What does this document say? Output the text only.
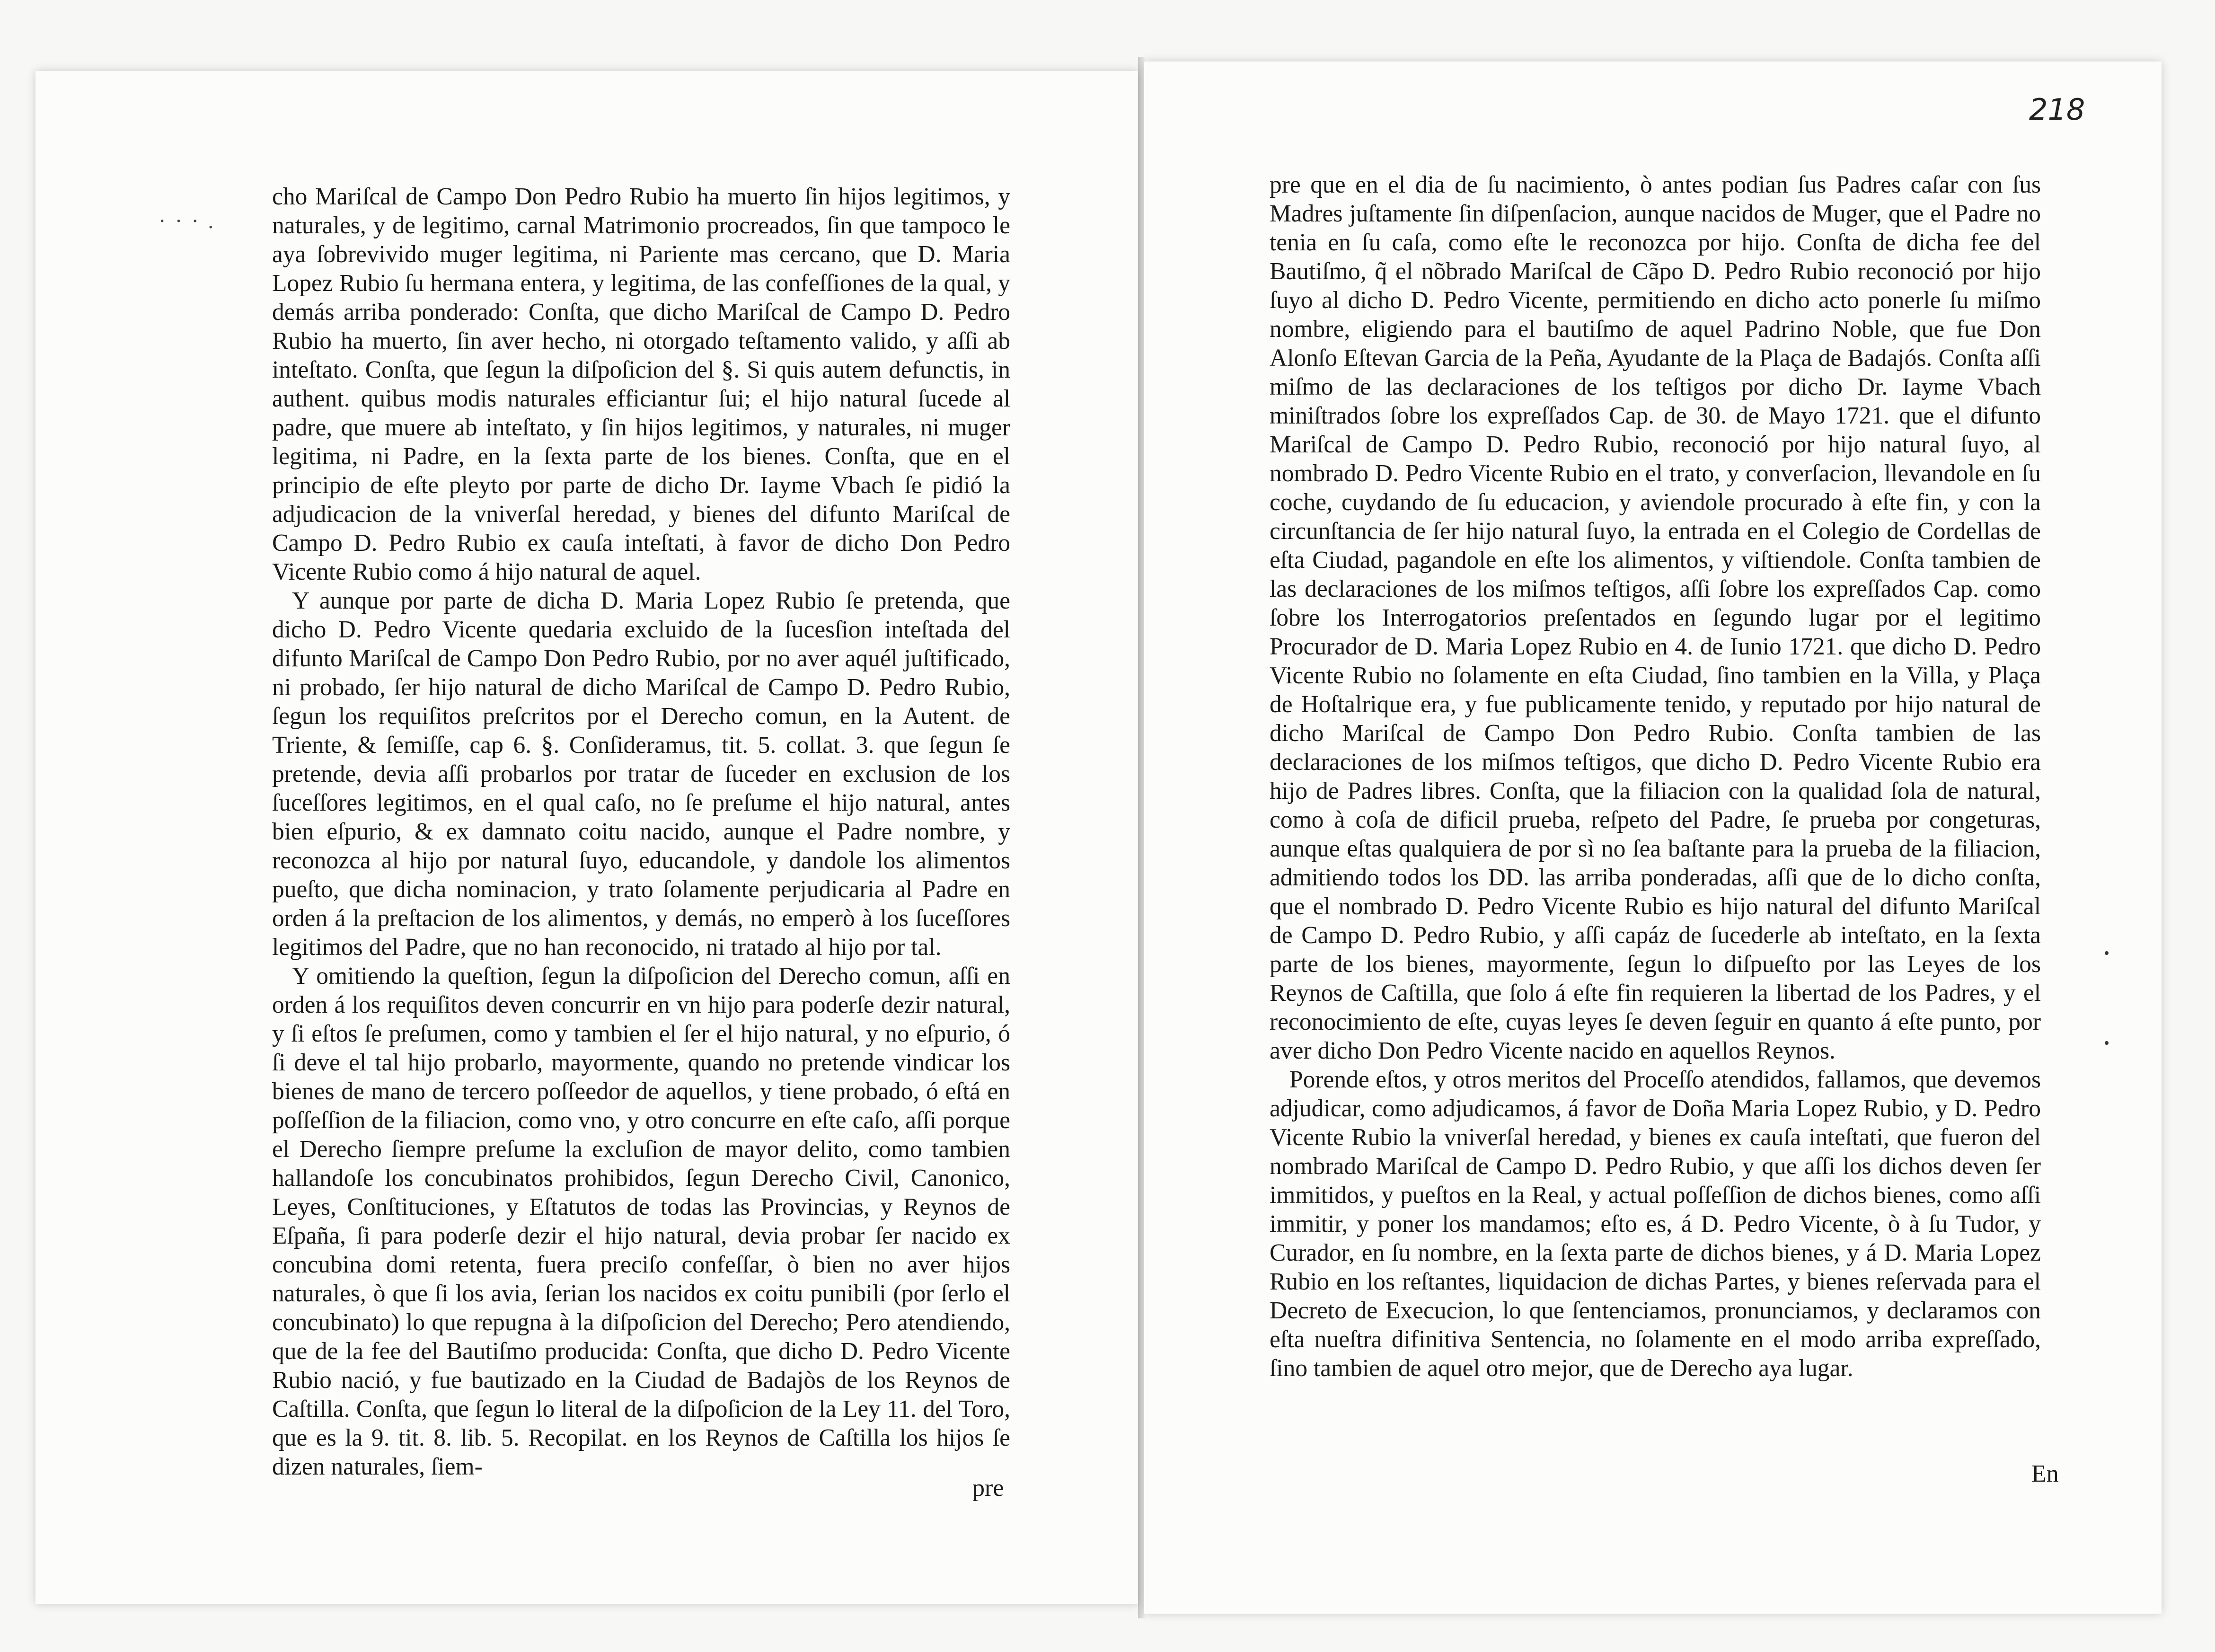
· · · .

cho Mariſcal de Campo Don Pedro Rubio ha muerto ſin hijos legitimos, y naturales, y de legitimo, carnal Matrimonio procreados, ſin que tampoco le aya ſobrevivido muger legitima, ni Pariente mas cercano, que D. Maria Lopez Rubio ſu hermana entera, y legitima, de las confeſſiones de la qual, y demás arriba ponderado: Conſta, que dicho Mariſcal de Campo D. Pedro Rubio ha muerto, ſin aver hecho, ni otorgado teſtamento valido, y aſſi ab inteſtato. Conſta, que ſegun la diſpoſicion del §. Si quis autem defunctis, in authent. quibus modis naturales efficiantur ſui; el hijo natural ſucede al padre, que muere ab inteſtato, y ſin hijos legitimos, y naturales, ni muger legitima, ni Padre, en la ſexta parte de los bienes. Conſta, que en el principio de eſte pleyto por parte de dicho Dr. Iayme Vbach ſe pidió la adjudicacion de la vniverſal heredad, y bienes del difunto Mariſcal de Campo D. Pedro Rubio ex cauſa inteſtati, à favor de dicho Don Pedro Vicente Rubio como á hijo natural de aquel.

Y aunque por parte de dicha D. Maria Lopez Rubio ſe pretenda, que dicho D. Pedro Vicente quedaria excluido de la ſucesſion inteſtada del difunto Mariſcal de Campo Don Pedro Rubio, por no aver aquél juſtificado, ni probado, ſer hijo natural de dicho Mariſcal de Campo D. Pedro Rubio, ſegun los requiſitos preſcritos por el Derecho comun, en la Autent. de Triente, & ſemiſſe, cap 6. §. Conſideramus, tit. 5. collat. 3. que ſegun ſe pretende, devia aſſi probarlos por tratar de ſuceder en exclusion de los ſuceſſores legitimos, en el qual caſo, no ſe preſume el hijo natural, antes bien eſpurio, & ex damnato coitu nacido, aunque el Padre nombre, y reconozca al hijo por natural ſuyo, educandole, y dandole los alimentos pueſto, que dicha nominacion, y trato ſolamente perjudicaria al Padre en orden á la preſtacion de los alimentos, y demás, no emperò à los ſuceſſores legitimos del Padre, que no han reconocido, ni tratado al hijo por tal.

Y omitiendo la queſtion, ſegun la diſpoſicion del Derecho comun, aſſi en orden á los requiſitos deven concurrir en vn hijo para poderſe dezir natural, y ſi eſtos ſe preſumen, como y tambien el ſer el hijo natural, y no eſpurio, ó ſi deve el tal hijo probarlo, mayormente, quando no pretende vindicar los bienes de mano de tercero poſſeedor de aquellos, y tiene probado, ó eſtá en poſſeſſion de la filiacion, como vno, y otro concurre en eſte caſo, aſſi porque el Derecho ſiempre preſume la excluſion de mayor delito, como tambien hallandoſe los concubinatos prohibidos, ſegun Derecho Civil, Canonico, Leyes, Conſtituciones, y Eſtatutos de todas las Provincias, y Reynos de Eſpaña, ſi para poderſe dezir el hijo natural, devia probar ſer nacido ex concubina domi retenta, fuera preciſo confeſſar, ò bien no aver hijos naturales, ò que ſi los avia, ſerian los nacidos ex coitu punibili (por ſerlo el concubinato) lo que repugna à la diſpoſicion del Derecho; Pero atendiendo, que de la fee del Bautiſmo producida: Conſta, que dicho D. Pedro Vicente Rubio nació, y fue bautizado en la Ciudad de Badajòs de los Reynos de Caſtilla. Conſta, que ſegun lo literal de la diſpoſicion de la Ley 11. del Toro, que es la 9. tit. 8. lib. 5. Recopilat. en los Reynos de Caſtilla los hijos ſe dizen naturales, ſiem-

pre
218

pre que en el dia de ſu nacimiento, ò antes podian ſus Padres caſar con ſus Madres juſtamente ſin diſpenſacion, aunque nacidos de Muger, que el Padre no tenia en ſu caſa, como eſte le reconozca por hijo. Conſta de dicha fee del Bautiſmo, q̃ el nõbrado Mariſcal de Cãpo D. Pedro Rubio reconoció por hijo ſuyo al dicho D. Pedro Vicente, permitiendo en dicho acto ponerle ſu miſmo nombre, eligiendo para el bautiſmo de aquel Padrino Noble, que fue Don Alonſo Eſtevan Garcia de la Peña, Ayudante de la Plaça de Badajós. Conſta aſſi miſmo de las declaraciones de los teſtigos por dicho Dr. Iayme Vbach miniſtrados ſobre los expreſſados Cap. de 30. de Mayo 1721. que el difunto Mariſcal de Campo D. Pedro Rubio, reconoció por hijo natural ſuyo, al nombrado D. Pedro Vicente Rubio en el trato, y converſacion, llevandole en ſu coche, cuydando de ſu educacion, y aviendole procurado à eſte fin, y con la circunſtancia de ſer hijo natural ſuyo, la entrada en el Colegio de Cordellas de eſta Ciudad, pagandole en eſte los alimentos, y viſtiendole. Conſta tambien de las declaraciones de los miſmos teſtigos, aſſi ſobre los expreſſados Cap. como ſobre los Interrogatorios preſentados en ſegundo lugar por el legitimo Procurador de D. Maria Lopez Rubio en 4. de Iunio 1721. que dicho D. Pedro Vicente Rubio no ſolamente en eſta Ciudad, ſino tambien en la Villa, y Plaça de Hoſtalrique era, y fue publicamente tenido, y reputado por hijo natural de dicho Mariſcal de Campo Don Pedro Rubio. Conſta tambien de las declaraciones de los miſmos teſtigos, que dicho D. Pedro Vicente Rubio era hijo de Padres libres. Conſta, que la filiacion con la qualidad ſola de natural, como à coſa de dificil prueba, reſpeto del Padre, ſe prueba por congeturas, aunque eſtas qualquiera de por sì no ſea baſtante para la prueba de la filiacion, admitiendo todos los DD. las arriba ponderadas, aſſi que de lo dicho conſta, que el nombrado D. Pedro Vicente Rubio es hijo natural del difunto Mariſcal de Campo D. Pedro Rubio, y aſſi capáz de ſucederle ab inteſtato, en la ſexta parte de los bienes, mayormente, ſegun lo diſpueſto por las Leyes de los Reynos de Caſtilla, que ſolo á eſte fin requieren la libertad de los Padres, y el reconocimiento de eſte, cuyas leyes ſe deven ſeguir en quanto á eſte punto, por aver dicho Don Pedro Vicente nacido en aquellos Reynos.

Porende eſtos, y otros meritos del Proceſſo atendidos, fallamos, que devemos adjudicar, como adjudicamos, á favor de Doña Maria Lopez Rubio, y D. Pedro Vicente Rubio la vniverſal heredad, y bienes ex cauſa inteſtati, que fueron del nombrado Mariſcal de Campo D. Pedro Rubio, y que aſſi los dichos deven ſer immitidos, y pueſtos en la Real, y actual poſſeſſion de dichos bienes, como aſſi immitir, y poner los mandamos; eſto es, á D. Pedro Vicente, ò à ſu Tudor, y Curador, en ſu nombre, en la ſexta parte de dichos bienes, y á D. Maria Lopez Rubio en los reſtantes, liquidacion de dichas Partes, y bienes reſervada para el Decreto de Execucion, lo que ſentenciamos, pronunciamos, y declaramos con eſta nueſtra difinitiva Sentencia, no ſolamente en el modo arriba expreſſado, ſino tambien de aquel otro mejor, que de Derecho aya lugar.

En
